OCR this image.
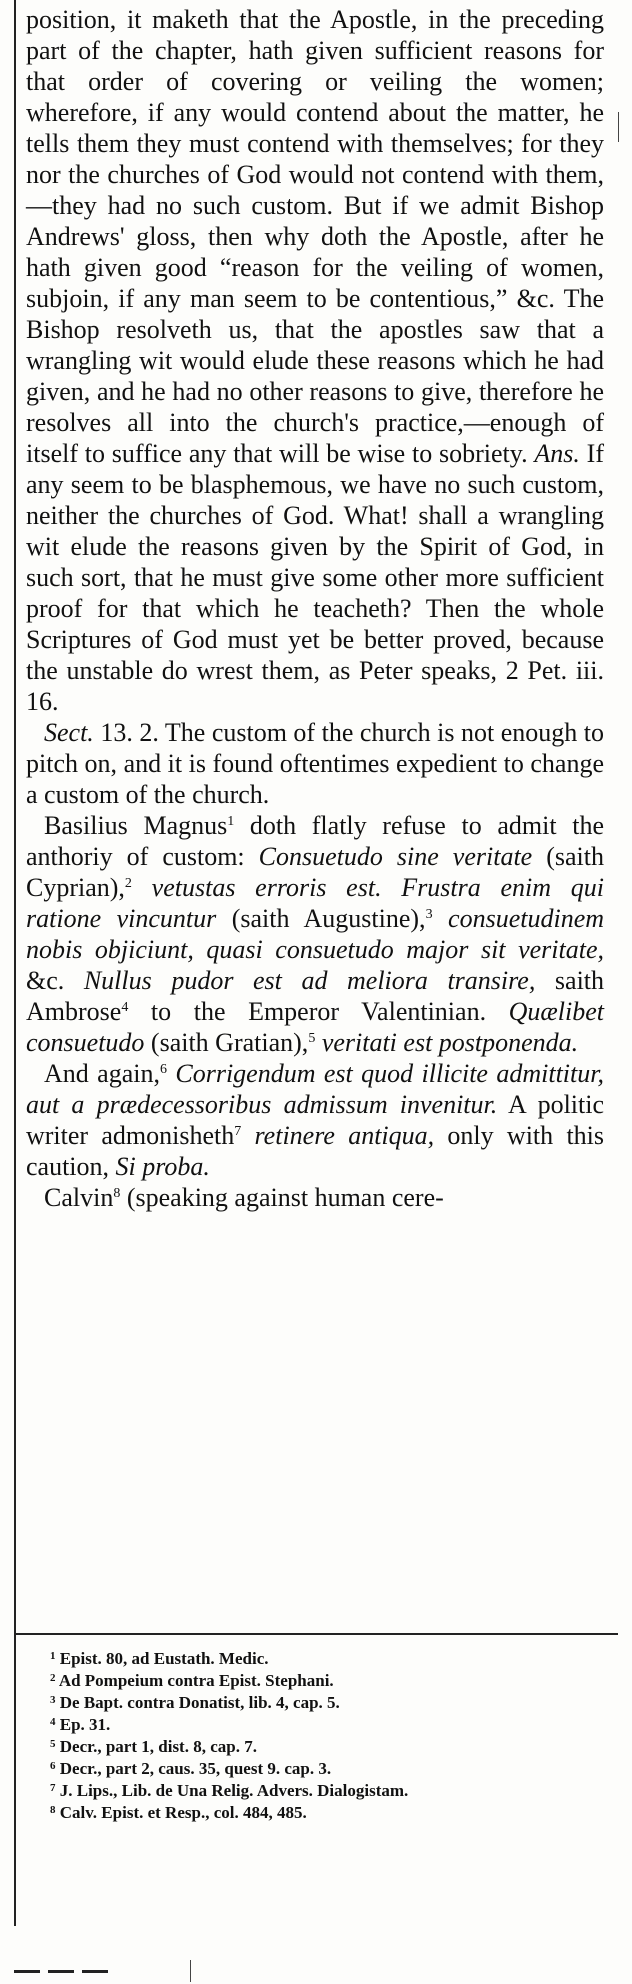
position, it maketh that the Apostle, in the preceding part of the chapter, hath given sufficient reasons for that order of covering or veiling the women; wherefore, if any would contend about the matter, he tells them they must contend with themselves; for they nor the churches of God would not contend with them,—they had no such custom. But if we admit Bishop Andrews' gloss, then why doth the Apostle, after he hath given good “reason for the veiling of women, subjoin, if any man seem to be contentious,” &c. The Bishop resolveth us, that the apostles saw that a wrangling wit would elude these reasons which he had given, and he had no other reasons to give, therefore he resolves all into the church's practice,—enough of itself to suffice any that will be wise to sobriety. Ans. If any seem to be blasphemous, we have no such custom, neither the churches of God. What! shall a wrangling wit elude the reasons given by the Spirit of God, in such sort, that he must give some other more sufficient proof for that which he teacheth? Then the whole Scriptures of God must yet be better proved, because the unstable do wrest them, as Peter speaks, 2 Pet. iii. 16.

Sect. 13. 2. The custom of the church is not enough to pitch on, and it is found oftentimes expedient to change a custom of the church.

Basilius Magnus$^1$ doth flatly refuse to admit the anthoriy of custom: Consuetudo sine veritate (saith Cyprian),$^2$ vetustas erroris est. Frustra enim qui ratione vincuntur (saith Augustine),$^3$ consuetudinem nobis objiciunt, quasi consuetudo major sit veritate, &c. Nullus pudor est ad meliora transire, saith Ambrose$^4$ to the Emperor Valentinian. Quælibet consuetudo (saith Gratian),$^5$ veritati est postponenda.

And again,$^6$ Corrigendum est quod illicite admittitur, aut a prædecessoribus admissum invenitur. A politic writer admonisheth$^7$ retinere antiqua, only with this caution, Si proba.

Calvin$^8$ (speaking against human cere-

$^1$ Epist. 80, ad Eustath. Medic.
$^2$ Ad Pompeium contra Epist. Stephani.
$^3$ De Bapt. contra Donatist, lib. 4, cap. 5.
$^4$ Ep. 31.
$^5$ Decr., part 1, dist. 8, cap. 7.
$^6$ Decr., part 2, caus. 35, quest 9. cap. 3.
$^7$ J. Lips., Lib. de Una Relig. Advers. Dialogistam.
$^8$ Calv. Epist. et Resp., col. 484, 485.
